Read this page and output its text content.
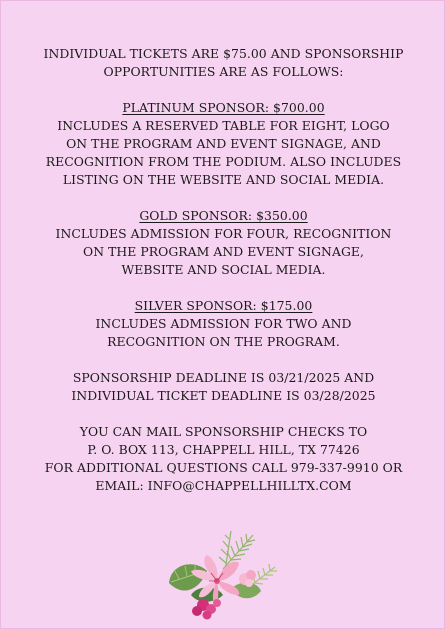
INDIVIDUAL TICKETS ARE $75.00 AND SPONSORSHIP
OPPORTUNITIES ARE AS FOLLOWS:
PLATINUM SPONSOR: $700.00
INCLUDES A RESERVED TABLE FOR EIGHT, LOGO
ON THE PROGRAM AND EVENT SIGNAGE, AND
RECOGNITION FROM THE PODIUM. ALSO INCLUDES
LISTING ON THE WEBSITE AND SOCIAL MEDIA.
GOLD SPONSOR: $350.00
INCLUDES ADMISSION FOR FOUR, RECOGNITION
ON THE PROGRAM AND EVENT SIGNAGE,
WEBSITE AND SOCIAL MEDIA.
SILVER SPONSOR: $175.00
INCLUDES ADMISSION FOR TWO AND
RECOGNITION ON THE PROGRAM.
SPONSORSHIP DEADLINE IS 03/21/2025 AND
INDIVIDUAL TICKET DEADLINE IS 03/28/2025
YOU CAN MAIL SPONSORSHIP CHECKS TO
P. O. BOX 113, CHAPPELL HILL, TX 77426
FOR ADDITIONAL QUESTIONS CALL 979-337-9910 OR
EMAIL: INFO@CHAPPELLHILLTX.COM
